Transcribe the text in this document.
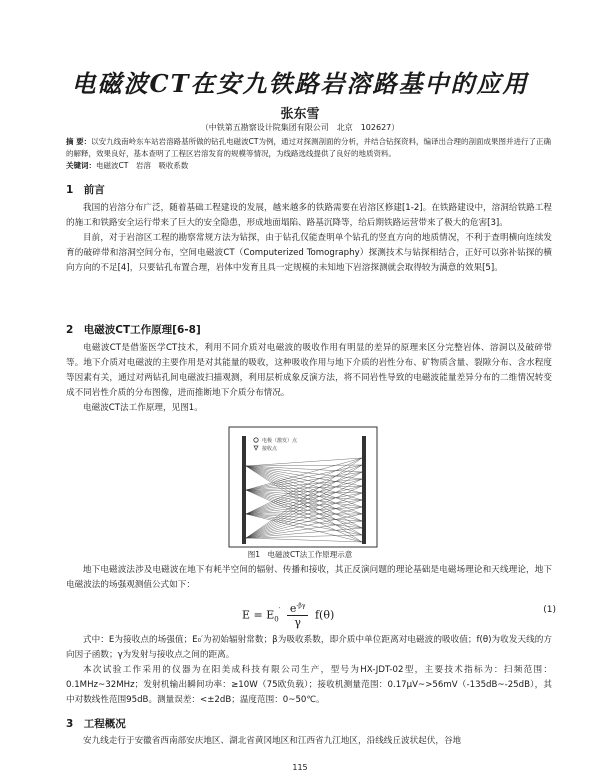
电磁波CT在安九铁路岩溶路基中的应用
张东雪
（中铁第五勘察设计院集团有限公司　北京　102627）
摘 要：以安九线南岭东车站岩溶路基所做的钻孔电磁波CT为例，通过对探测剖面的分析，并结合钻探资料，编译出合理的剖面成果图并进行了正确的解释，效果良好，基本查明了工程区岩溶发育的规模等情况，为线路选线提供了良好的地质资料。
关键词：电磁波CT　岩溶　吸收系数
1　前言

我国的岩溶分布广泛，随着基础工程建设的发展，越来越多的铁路需要在岩溶区修建[1-2]。在铁路建设中，溶洞给铁路工程的施工和铁路安全运行带来了巨大的安全隐患，形成地面塌陷、路基沉降等，给后期铁路运营带来了极大的危害[3]。

目前，对于岩溶区工程的勘察常规方法为钻探，由于钻孔仅能查明单个钻孔的竖直方向的地质情况，不利于查明横向连续发育的破碎带和溶洞空间分布，空间电磁波CT（Computerized Tomography）探测技术与钻探相结合，正好可以弥补钻探的横向方向的不足[4]，只要钻孔布置合理，岩体中发育且具一定规模的未知地下岩溶探测就会取得较为满意的效果[5]。

2　电磁波CT工作原理[6-8]

电磁波CT是借鉴医学CT技术，利用不同介质对电磁波的吸收作用有明显的差异的原理来区分完整岩体、溶洞以及破碎带等。地下介质对电磁波的主要作用是对其能量的吸收，这种吸收作用与地下介质的岩性分布、矿物质含量、裂隙分布、含水程度等因素有关，通过对两钻孔间电磁波扫描观测，利用层析成象反演方法，将不同岩性导致的电磁波能量差异分布的二维情况转变成不同岩性介质的分布图像，进而推断地下介质分布情况。

电磁波CT法工作原理，见图1。

电极（激发）点
接收点
图1　电磁波CT法工作原理示意

地下电磁波法涉及电磁波在地下有耗半空间的辐射、传播和接收，其正反演问题的理论基础是电磁场理论和天线理论，地下电磁波法的场强观测值公式如下：

$E = E_0' \frac{e^{-\beta\gamma}}{\gamma} f(\theta)$	(1)

式中：E为接收点的场强值；E₀′为初始辐射常数；β为吸收系数，即介质中单位距离对电磁波的吸收值；f(θ)为收发天线的方向因子函数；γ为发射与接收点之间的距离。

本次试验工作采用的仪器为在阳美成科技有限公司生产，型号为HX-JDT-02型，主要技术指标为：扫频范围：0.1MHz~32MHz；发射机输出瞬间功率：≥10W（75欧负载）；接收机测量范围：0.17μV~>56mV（-135dB~-25dB），其中对数线性范围95dB。测量误差：<±2dB；温度范围：0~50℃。

3　工程概况

安九线走行于安徽省西南部安庆地区、湖北省黄冈地区和江西省九江地区，沿线线丘波状起伏，谷地

115
